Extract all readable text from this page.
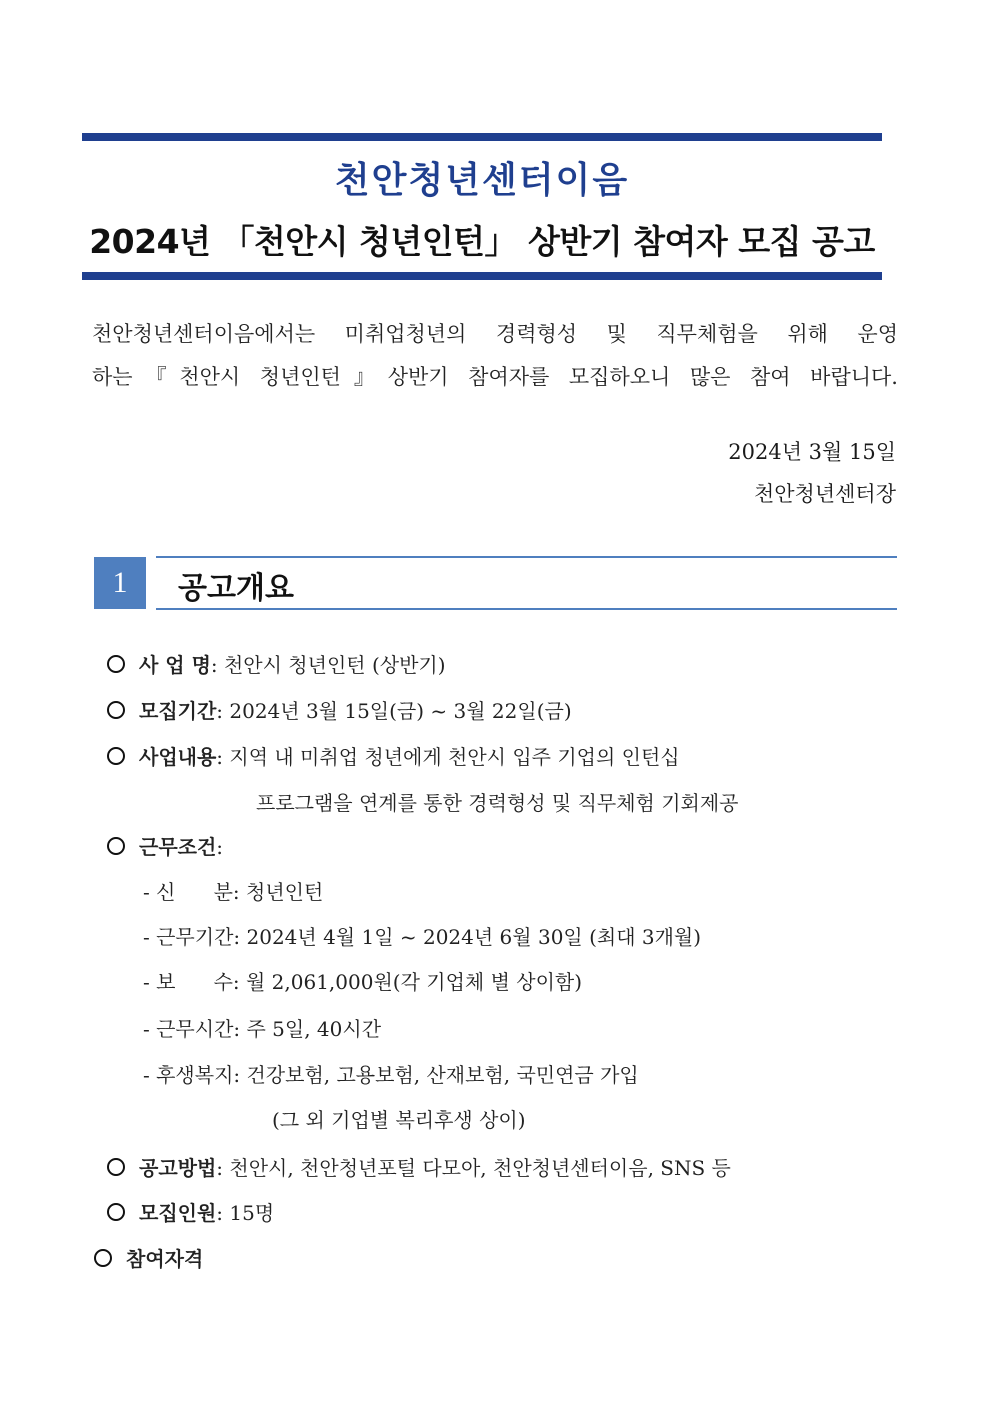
천안청년센터이음
2024년 「천안시 청년인턴」 상반기 참여자 모집 공고
천안청년센터이음에서는 미취업청년의 경력형성 및 직무체험을 위해 운영
하는『천안시 청년인턴』상반기 참여자를 모집하오니 많은 참여 바랍니다.
2024년 3월 15일
천안청년센터장
1	공고개요
사 업 명: 천안시 청년인턴 (상반기)
모집기간: 2024년 3월 15일(금) ~ 3월 22일(금)
사업내용: 지역 내 미취업 청년에게 천안시 입주 기업의 인턴십
프로그램을 연계를 통한 경력형성 및 직무체험 기회제공
근무조건:
- 신      분: 청년인턴
- 근무기간: 2024년 4월 1일 ~ 2024년 6월 30일 (최대 3개월)
- 보      수: 월 2,061,000원(각 기업체 별 상이함)
- 근무시간: 주 5일, 40시간
- 후생복지: 건강보험, 고용보험, 산재보험, 국민연금 가입
(그 외 기업별 복리후생 상이)
공고방법: 천안시, 천안청년포털 다모아, 천안청년센터이음, SNS 등
모집인원: 15명
참여자격
